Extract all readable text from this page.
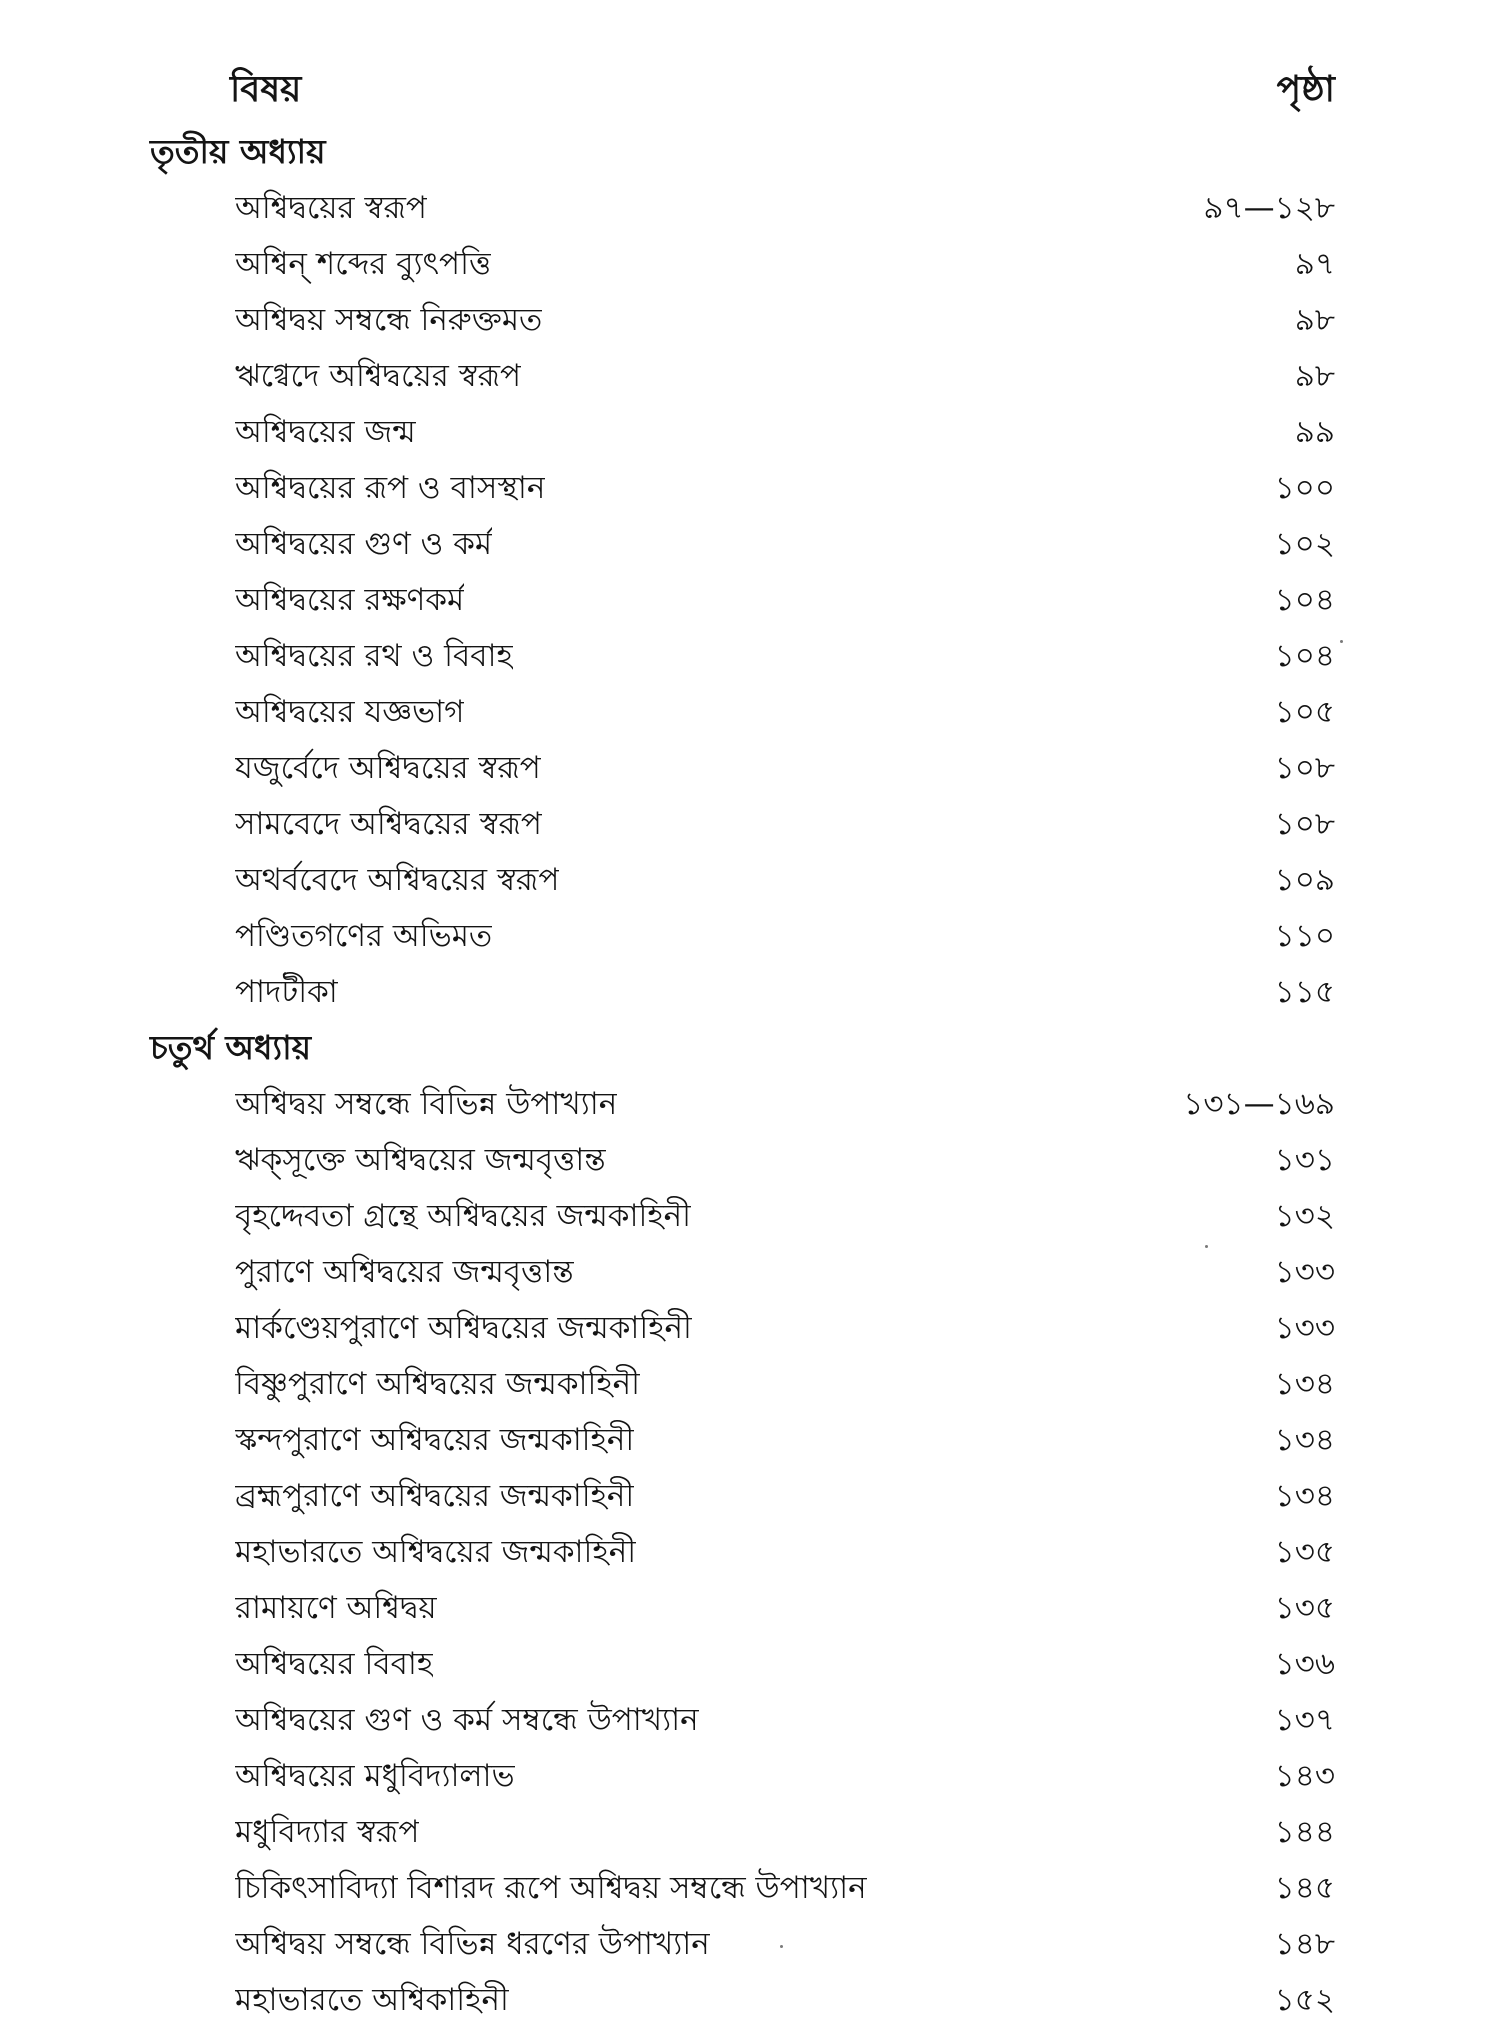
বিষয়	পৃষ্ঠা
তৃতীয় অধ্যায়
অশ্বিদ্বয়ের স্বরূপ	৯৭—১২৮
অশ্বিন্ শব্দের ব্যুৎপত্তি	৯৭
অশ্বিদ্বয় সম্বন্ধে নিরুক্তমত	৯৮
ঋগ্বেদে অশ্বিদ্বয়ের স্বরূপ	৯৮
অশ্বিদ্বয়ের জন্ম	৯৯
অশ্বিদ্বয়ের রূপ ও বাসস্থান	১০০
অশ্বিদ্বয়ের গুণ ও কর্ম	১০২
অশ্বিদ্বয়ের রক্ষণকর্ম	১০৪
অশ্বিদ্বয়ের রথ ও বিবাহ	১০৪
অশ্বিদ্বয়ের যজ্ঞভাগ	১০৫
যজুর্বেদে অশ্বিদ্বয়ের স্বরূপ	১০৮
সামবেদে অশ্বিদ্বয়ের স্বরূপ	১০৮
অথর্ববেদে অশ্বিদ্বয়ের স্বরূপ	১০৯
পণ্ডিতগণের অভিমত	১১০
পাদটীকা	১১৫
চতুর্থ অধ্যায়
অশ্বিদ্বয় সম্বন্ধে বিভিন্ন উপাখ্যান	১৩১—১৬৯
ঋক্‌সূক্তে অশ্বিদ্বয়ের জন্মবৃত্তান্ত	১৩১
বৃহদ্দেবতা গ্রন্থে অশ্বিদ্বয়ের জন্মকাহিনী	১৩২
পুরাণে অশ্বিদ্বয়ের জন্মবৃত্তান্ত	১৩৩
মার্কণ্ডেয়পুরাণে অশ্বিদ্বয়ের জন্মকাহিনী	১৩৩
বিষ্ণুপুরাণে অশ্বিদ্বয়ের জন্মকাহিনী	১৩৪
স্কন্দপুরাণে অশ্বিদ্বয়ের জন্মকাহিনী	১৩৪
ব্রহ্মপুরাণে অশ্বিদ্বয়ের জন্মকাহিনী	১৩৪
মহাভারতে অশ্বিদ্বয়ের জন্মকাহিনী	১৩৫
রামায়ণে অশ্বিদ্বয়	১৩৫
অশ্বিদ্বয়ের বিবাহ	১৩৬
অশ্বিদ্বয়ের গুণ ও কর্ম সম্বন্ধে উপাখ্যান	১৩৭
অশ্বিদ্বয়ের মধুবিদ্যালাভ	১৪৩
মধুবিদ্যার স্বরূপ	১৪৪
চিকিৎসাবিদ্যা বিশারদ রূপে অশ্বিদ্বয় সম্বন্ধে উপাখ্যান	১৪৫
অশ্বিদ্বয় সম্বন্ধে বিভিন্ন ধরণের উপাখ্যান	১৪৮
মহাভারতে অশ্বিকাহিনী	১৫২
